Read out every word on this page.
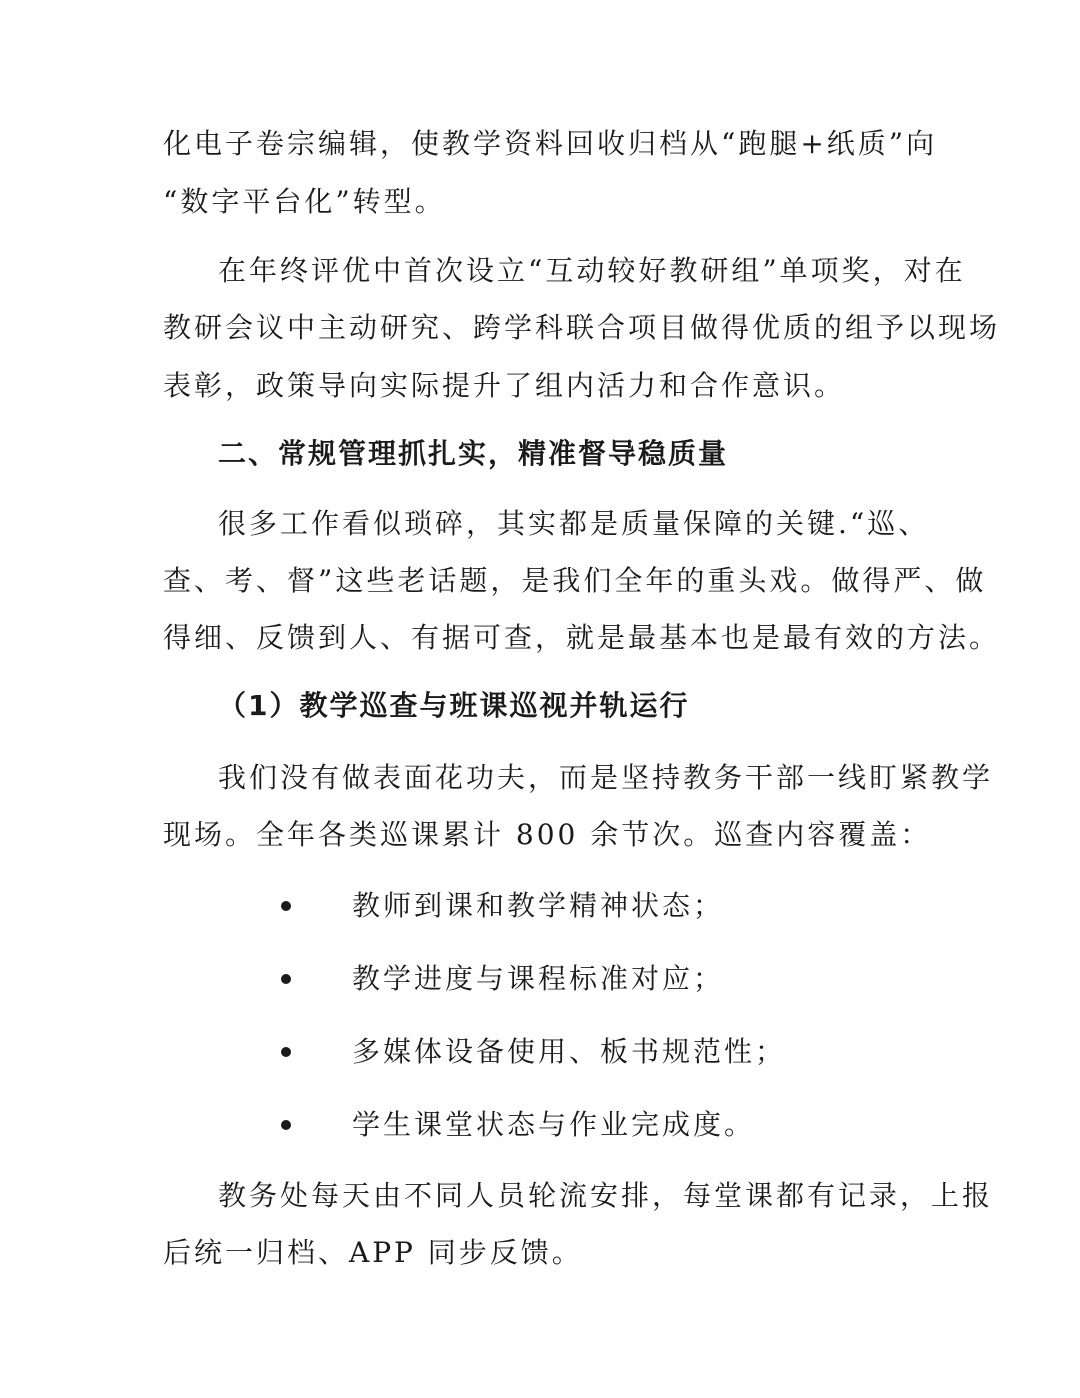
化电子卷宗编辑，使教学资料回收归档从“跑腿+纸质”向
“数字平台化”转型。
在年终评优中首次设立“互动较好教研组”单项奖，对在
教研会议中主动研究、跨学科联合项目做得优质的组予以现场
表彰，政策导向实际提升了组内活力和合作意识。
二、常规管理抓扎实，精准督导稳质量
很多工作看似琐碎，其实都是质量保障的关键.“巡、
查、考、督”这些老话题，是我们全年的重头戏。做得严、做
得细、反馈到人、有据可查，就是最基本也是最有效的方法。
（1）教学巡查与班课巡视并轨运行
我们没有做表面花功夫，而是坚持教务干部一线盯紧教学
现场。全年各类巡课累计 800 余节次。巡查内容覆盖：
教师到课和教学精神状态；
教学进度与课程标准对应；
多媒体设备使用、板书规范性；
学生课堂状态与作业完成度。
教务处每天由不同人员轮流安排，每堂课都有记录，上报
后统一归档、APP 同步反馈。
